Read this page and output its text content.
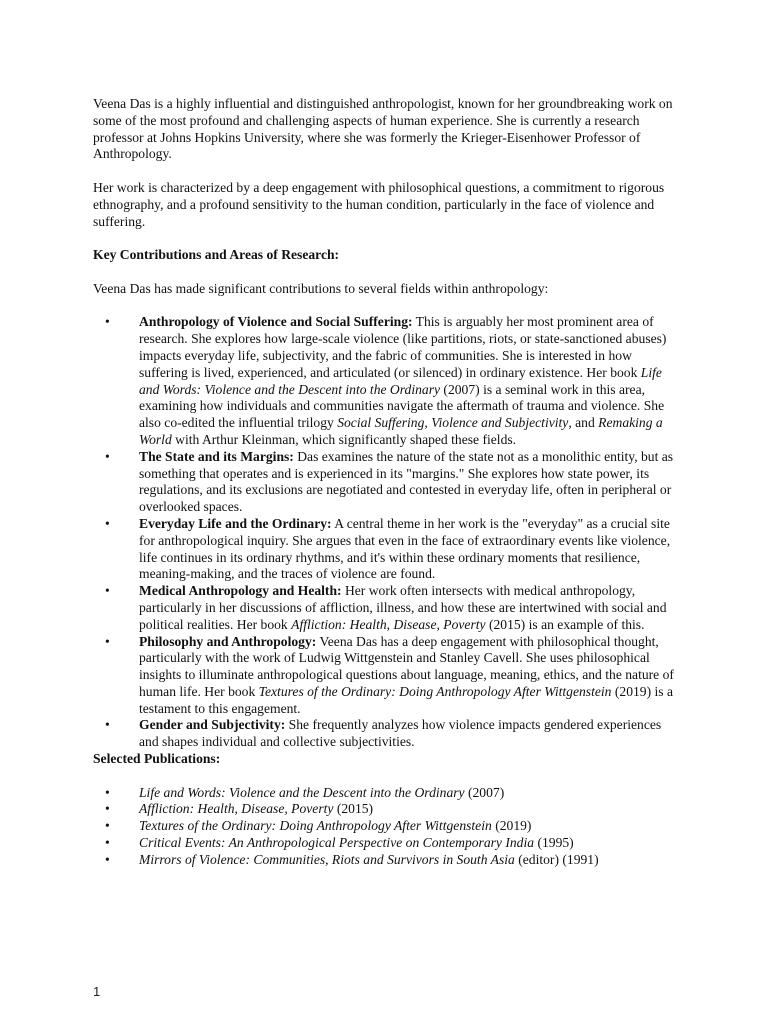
Veena Das is a highly influential and distinguished anthropologist, known for her groundbreaking work on some of the most profound and challenging aspects of human experience. She is currently a research professor at Johns Hopkins University, where she was formerly the Krieger-Eisenhower Professor of Anthropology.

Her work is characterized by a deep engagement with philosophical questions, a commitment to rigorous ethnography, and a profound sensitivity to the human condition, particularly in the face of violence and suffering.

Key Contributions and Areas of Research:

Veena Das has made significant contributions to several fields within anthropology:

• Anthropology of Violence and Social Suffering: This is arguably her most prominent area of research. She explores how large-scale violence (like partitions, riots, or state-sanctioned abuses) impacts everyday life, subjectivity, and the fabric of communities. She is interested in how suffering is lived, experienced, and articulated (or silenced) in ordinary existence. Her book Life and Words: Violence and the Descent into the Ordinary (2007) is a seminal work in this area, examining how individuals and communities navigate the aftermath of trauma and violence. She also co-edited the influential trilogy Social Suffering, Violence and Subjectivity, and Remaking a World with Arthur Kleinman, which significantly shaped these fields.
• The State and its Margins: Das examines the nature of the state not as a monolithic entity, but as something that operates and is experienced in its "margins." She explores how state power, its regulations, and its exclusions are negotiated and contested in everyday life, often in peripheral or overlooked spaces.
• Everyday Life and the Ordinary: A central theme in her work is the "everyday" as a crucial site for anthropological inquiry. She argues that even in the face of extraordinary events like violence, life continues in its ordinary rhythms, and it's within these ordinary moments that resilience, meaning-making, and the traces of violence are found.
• Medical Anthropology and Health: Her work often intersects with medical anthropology, particularly in her discussions of affliction, illness, and how these are intertwined with social and political realities. Her book Affliction: Health, Disease, Poverty (2015) is an example of this.
• Philosophy and Anthropology: Veena Das has a deep engagement with philosophical thought, particularly with the work of Ludwig Wittgenstein and Stanley Cavell. She uses philosophical insights to illuminate anthropological questions about language, meaning, ethics, and the nature of human life. Her book Textures of the Ordinary: Doing Anthropology After Wittgenstein (2019) is a testament to this engagement.
• Gender and Subjectivity: She frequently analyzes how violence impacts gendered experiences and shapes individual and collective subjectivities.
Selected Publications:
• Life and Words: Violence and the Descent into the Ordinary (2007)
• Affliction: Health, Disease, Poverty (2015)
• Textures of the Ordinary: Doing Anthropology After Wittgenstein (2019)
• Critical Events: An Anthropological Perspective on Contemporary India (1995)
• Mirrors of Violence: Communities, Riots and Survivors in South Asia (editor) (1991)
1
